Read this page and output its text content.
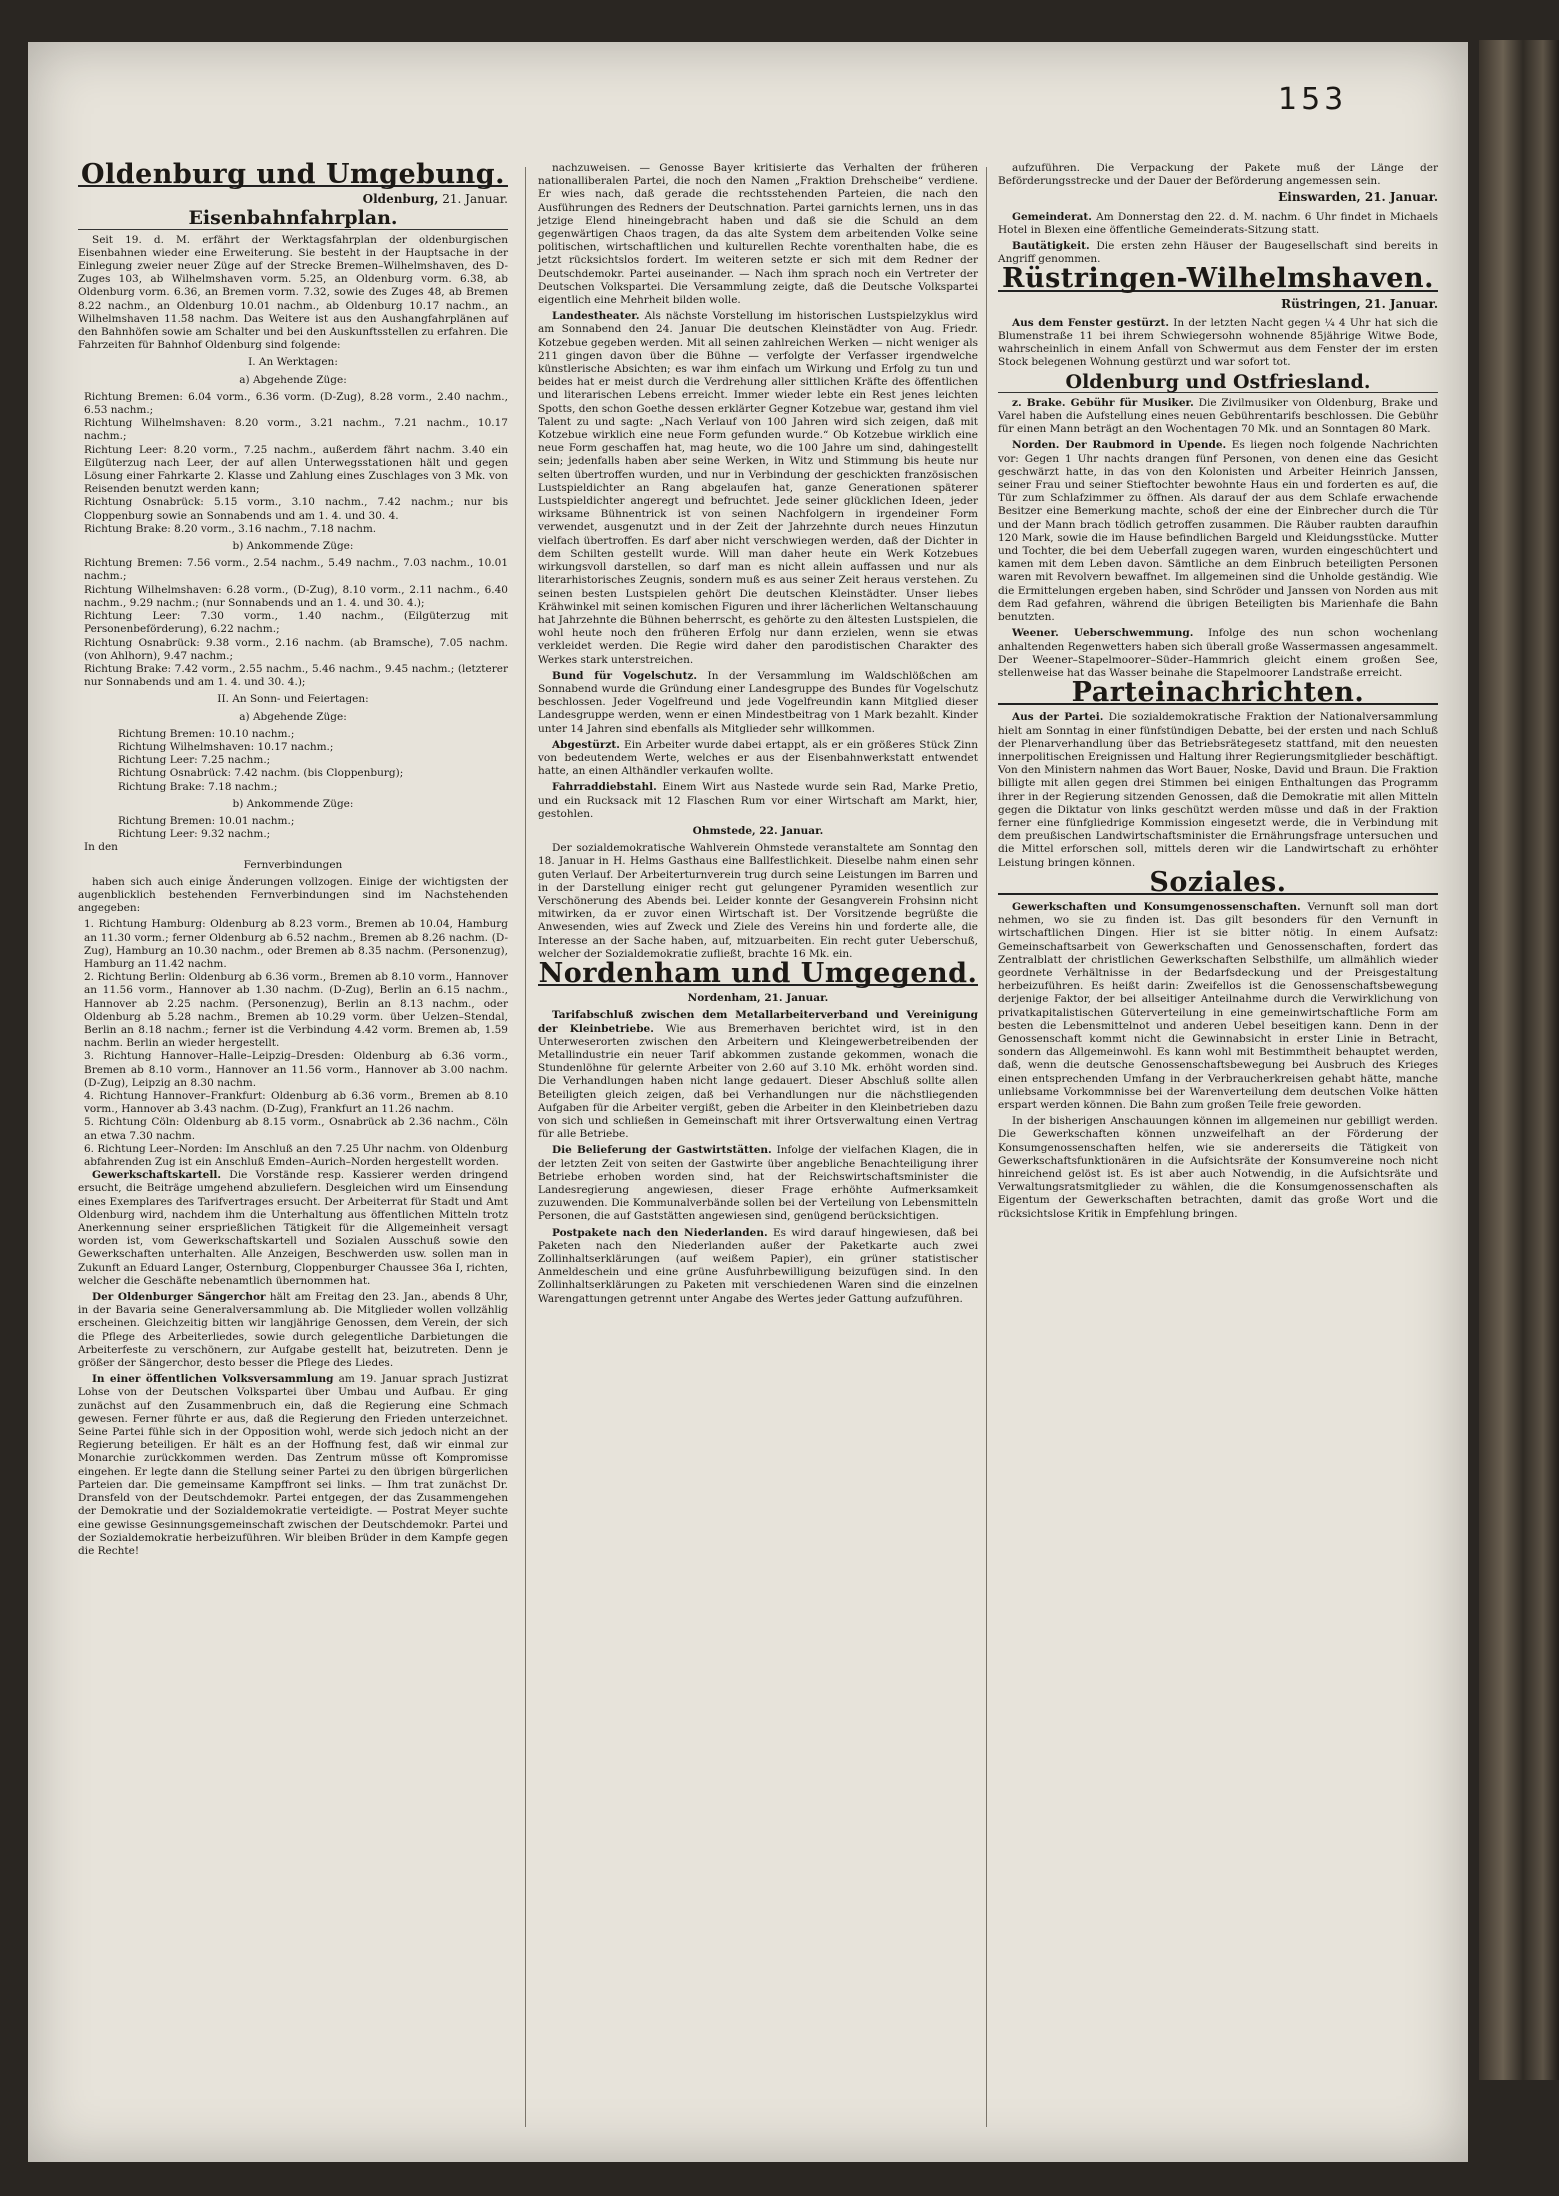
153
Oldenburg und Umgebung.
Oldenburg, 21. Januar.
Eisenbahnfahrplan.

Seit 19. d. M. erfährt der Werktagsfahrplan der oldenburgischen Eisenbahnen wieder eine Erweiterung. Sie besteht in der Hauptsache in der Einlegung zweier neuer Züge auf der Strecke Bremen–Wilhelmshaven, des D-Zuges 103, ab Wilhelmshaven vorm. 5.25, an Oldenburg vorm. 6.38, ab Oldenburg vorm. 6.36, an Bremen vorm. 7.32, sowie des Zuges 48, ab Bremen 8.22 nachm., an Oldenburg 10.01 nachm., ab Oldenburg 10.17 nachm., an Wilhelmshaven 11.58 nachm. Das Weitere ist aus den Aushangfahrplänen auf den Bahnhöfen sowie am Schalter und bei den Auskunftsstellen zu erfahren. Die Fahrzeiten für Bahnhof Oldenburg sind folgende:

I. An Werktagen:
a) Abgehende Züge:

Richtung Bremen: 6.04 vorm., 6.36 vorm. (D-Zug), 8.28 vorm., 2.40 nachm., 6.53 nachm.;

Richtung Wilhelmshaven: 8.20 vorm., 3.21 nachm., 7.21 nachm., 10.17 nachm.;

Richtung Leer: 8.20 vorm., 7.25 nachm., außerdem fährt nachm. 3.40 ein Eilgüterzug nach Leer, der auf allen Unterwegsstationen hält und gegen Lösung einer Fahrkarte 2. Klasse und Zahlung eines Zuschlages von 3 Mk. von Reisenden benutzt werden kann;

Richtung Osnabrück: 5.15 vorm., 3.10 nachm., 7.42 nachm.; nur bis Cloppenburg sowie an Sonnabends und am 1. 4. und 30. 4.

Richtung Brake: 8.20 vorm., 3.16 nachm., 7.18 nachm.

b) Ankommende Züge:

Richtung Bremen: 7.56 vorm., 2.54 nachm., 5.49 nachm., 7.03 nachm., 10.01 nachm.;

Richtung Wilhelmshaven: 6.28 vorm., (D-Zug), 8.10 vorm., 2.11 nachm., 6.40 nachm., 9.29 nachm.; (nur Sonnabends und an 1. 4. und 30. 4.);

Richtung Leer: 7.30 vorm., 1.40 nachm., (Eilgüterzug mit Personenbeförderung), 6.22 nachm.;

Richtung Osnabrück: 9.38 vorm., 2.16 nachm. (ab Bramsche), 7.05 nachm. (von Ahlhorn), 9.47 nachm.;

Richtung Brake: 7.42 vorm., 2.55 nachm., 5.46 nachm., 9.45 nachm.; (letzterer nur Sonnabends und am 1. 4. und 30. 4.);

II. An Sonn- und Feiertagen:
a) Abgehende Züge:

Richtung Bremen: 10.10 nachm.;

Richtung Wilhelmshaven: 10.17 nachm.;

Richtung Leer: 7.25 nachm.;

Richtung Osnabrück: 7.42 nachm. (bis Cloppenburg);

Richtung Brake: 7.18 nachm.;

b) Ankommende Züge:

Richtung Bremen: 10.01 nachm.;

Richtung Leer: 9.32 nachm.;

In den

Fernverbindungen

haben sich auch einige Änderungen vollzogen. Einige der wichtigsten der augenblicklich bestehenden Fernverbindungen sind im Nachstehenden angegeben:

1. Richtung Hamburg: Oldenburg ab 8.23 vorm., Bremen ab 10.04, Hamburg an 11.30 vorm.; ferner Oldenburg ab 6.52 nachm., Bremen ab 8.26 nachm. (D-Zug), Hamburg an 10.30 nachm., oder Bremen ab 8.35 nachm. (Personenzug), Hamburg an 11.42 nachm.

2. Richtung Berlin: Oldenburg ab 6.36 vorm., Bremen ab 8.10 vorm., Hannover an 11.56 vorm., Hannover ab 1.30 nachm. (D-Zug), Berlin an 6.15 nachm., Hannover ab 2.25 nachm. (Personenzug), Berlin an 8.13 nachm., oder Oldenburg ab 5.28 nachm., Bremen ab 10.29 vorm. über Uelzen–Stendal, Berlin an 8.18 nachm.; ferner ist die Verbindung 4.42 vorm. Bremen ab, 1.59 nachm. Berlin an wieder hergestellt.

3. Richtung Hannover–Halle–Leipzig–Dresden: Oldenburg ab 6.36 vorm., Bremen ab 8.10 vorm., Hannover an 11.56 vorm., Hannover ab 3.00 nachm. (D-Zug), Leipzig an 8.30 nachm.

4. Richtung Hannover–Frankfurt: Oldenburg ab 6.36 vorm., Bremen ab 8.10 vorm., Hannover ab 3.43 nachm. (D-Zug), Frankfurt an 11.26 nachm.

5. Richtung Cöln: Oldenburg ab 8.15 vorm., Osnabrück ab 2.36 nachm., Cöln an etwa 7.30 nachm.

6. Richtung Leer–Norden: Im Anschluß an den 7.25 Uhr nachm. von Oldenburg abfahrenden Zug ist ein Anschluß Emden–Aurich–Norden hergestellt worden.

Gewerkschaftskartell. Die Vorstände resp. Kassierer werden dringend ersucht, die Beiträge umgehend abzuliefern. Desgleichen wird um Einsendung eines Exemplares des Tarifvertrages ersucht. Der Arbeiterrat für Stadt und Amt Oldenburg wird, nachdem ihm die Unterhaltung aus öffentlichen Mitteln trotz Anerkennung seiner ersprießlichen Tätigkeit für die Allgemeinheit versagt worden ist, vom Gewerkschaftskartell und Sozialen Ausschuß sowie den Gewerkschaften unterhalten. Alle Anzeigen, Beschwerden usw. sollen man in Zukunft an Eduard Langer, Osternburg, Cloppenburger Chaussee 36a I, richten, welcher die Geschäfte nebenamtlich übernommen hat.

Der Oldenburger Sängerchor hält am Freitag den 23. Jan., abends 8 Uhr, in der Bavaria seine Generalversammlung ab. Die Mitglieder wollen vollzählig erscheinen. Gleichzeitig bitten wir langjährige Genossen, dem Verein, der sich die Pflege des Arbeiterliedes, sowie durch gelegentliche Darbietungen die Arbeiterfeste zu verschönern, zur Aufgabe gestellt hat, beizutreten. Denn je größer der Sängerchor, desto besser die Pflege des Liedes.

In einer öffentlichen Volksversammlung am 19. Januar sprach Justizrat Lohse von der Deutschen Volkspartei über Umbau und Aufbau. Er ging zunächst auf den Zusammenbruch ein, daß die Regierung eine Schmach gewesen. Ferner führte er aus, daß die Regierung den Frieden unterzeichnet. Seine Partei fühle sich in der Opposition wohl, werde sich jedoch nicht an der Regierung beteiligen. Er hält es an der Hoffnung fest, daß wir einmal zur Monarchie zurückkommen werden. Das Zentrum müsse oft Kompromisse eingehen. Er legte dann die Stellung seiner Partei zu den übrigen bürgerlichen Parteien dar. Die gemeinsame Kampffront sei links. — Ihm trat zunächst Dr. Dransfeld von der Deutschdemokr. Partei entgegen, der das Zusammengehen der Demokratie und der Sozialdemokratie verteidigte. — Postrat Meyer suchte eine gewisse Gesinnungsgemeinschaft zwischen der Deutschdemokr. Partei und der Sozialdemokratie herbeizuführen. Wir bleiben Brüder in dem Kampfe gegen die Rechte!

nachzuweisen. — Genosse Bayer kritisierte das Verhalten der früheren nationalliberalen Partei, die noch den Namen „Fraktion Drehscheibe“ verdiene. Er wies nach, daß gerade die rechtsstehenden Parteien, die nach den Ausführungen des Redners der Deutschnation. Partei garnichts lernen, uns in das jetzige Elend hineingebracht haben und daß sie die Schuld an dem gegenwärtigen Chaos tragen, da das alte System dem arbeitenden Volke seine politischen, wirtschaftlichen und kulturellen Rechte vorenthalten habe, die es jetzt rücksichtslos fordert. Im weiteren setzte er sich mit dem Redner der Deutschdemokr. Partei auseinander. — Nach ihm sprach noch ein Vertreter der Deutschen Volkspartei. Die Versammlung zeigte, daß die Deutsche Volkspartei eigentlich eine Mehrheit bilden wolle.

Landestheater. Als nächste Vorstellung im historischen Lustspielzyklus wird am Sonnabend den 24. Januar Die deutschen Kleinstädter von Aug. Friedr. Kotzebue gegeben werden. Mit all seinen zahlreichen Werken — nicht weniger als 211 gingen davon über die Bühne — verfolgte der Verfasser irgendwelche künstlerische Absichten; es war ihm einfach um Wirkung und Erfolg zu tun und beides hat er meist durch die Verdrehung aller sittlichen Kräfte des öffentlichen und literarischen Lebens erreicht. Immer wieder lebte ein Rest jenes leichten Spotts, den schon Goethe dessen erklärter Gegner Kotzebue war, gestand ihm viel Talent zu und sagte: „Nach Verlauf von 100 Jahren wird sich zeigen, daß mit Kotzebue wirklich eine neue Form gefunden wurde.“ Ob Kotzebue wirklich eine neue Form geschaffen hat, mag heute, wo die 100 Jahre um sind, dahingestellt sein; jedenfalls haben aber seine Werken, in Witz und Stimmung bis heute nur selten übertroffen wurden, und nur in Verbindung der geschickten französischen Lustspieldichter an Rang abgelaufen hat, ganze Generationen späterer Lustspieldichter angeregt und befruchtet. Jede seiner glücklichen Ideen, jeder wirksame Bühnentrick ist von seinen Nachfolgern in irgendeiner Form verwendet, ausgenutzt und in der Zeit der Jahrzehnte durch neues Hinzutun vielfach übertroffen. Es darf aber nicht verschwiegen werden, daß der Dichter in dem Schilten gestellt wurde. Will man daher heute ein Werk Kotzebues wirkungsvoll darstellen, so darf man es nicht allein auffassen und nur als literarhistorisches Zeugnis, sondern muß es aus seiner Zeit heraus verstehen. Zu seinen besten Lustspielen gehört Die deutschen Kleinstädter. Unser liebes Krähwinkel mit seinen komischen Figuren und ihrer lächerlichen Weltanschauung hat Jahrzehnte die Bühnen beherrscht, es gehörte zu den ältesten Lustspielen, die wohl heute noch den früheren Erfolg nur dann erzielen, wenn sie etwas verkleidet werden. Die Regie wird daher den parodistischen Charakter des Werkes stark unterstreichen.

Bund für Vogelschutz. In der Versammlung im Waldschlößchen am Sonnabend wurde die Gründung einer Landesgruppe des Bundes für Vogelschutz beschlossen. Jeder Vogelfreund und jede Vogelfreundin kann Mitglied dieser Landesgruppe werden, wenn er einen Mindestbeitrag von 1 Mark bezahlt. Kinder unter 14 Jahren sind ebenfalls als Mitglieder sehr willkommen.

Abgestürzt. Ein Arbeiter wurde dabei ertappt, als er ein größeres Stück Zinn von bedeutendem Werte, welches er aus der Eisenbahnwerkstatt entwendet hatte, an einen Althändler verkaufen wollte.

Fahrraddiebstahl. Einem Wirt aus Nastede wurde sein Rad, Marke Pretio, und ein Rucksack mit 12 Flaschen Rum vor einer Wirtschaft am Markt, hier, gestohlen.

Ohmstede, 22. Januar.

Der sozialdemokratische Wahlverein Ohmstede veranstaltete am Sonntag den 18. Januar in H. Helms Gasthaus eine Ballfestlichkeit. Dieselbe nahm einen sehr guten Verlauf. Der Arbeiterturnverein trug durch seine Leistungen im Barren und in der Darstellung einiger recht gut gelungener Pyramiden wesentlich zur Verschönerung des Abends bei. Leider konnte der Gesangverein Frohsinn nicht mitwirken, da er zuvor einen Wirtschaft ist. Der Vorsitzende begrüßte die Anwesenden, wies auf Zweck und Ziele des Vereins hin und forderte alle, die Interesse an der Sache haben, auf, mitzuarbeiten. Ein recht guter Ueberschuß, welcher der Sozialdemokratie zufließt, brachte 16 Mk. ein.

Nordenham und Umgegend.
Nordenham, 21. Januar.

Tarifabschluß zwischen dem Metallarbeiterverband und Vereinigung der Kleinbetriebe. Wie aus Bremerhaven berichtet wird, ist in den Unterweserorten zwischen den Arbeitern und Kleingewerbetreibenden der Metallindustrie ein neuer Tarif abkommen zustande gekommen, wonach die Stundenlöhne für gelernte Arbeiter von 2.60 auf 3.10 Mk. erhöht worden sind. Die Verhandlungen haben nicht lange gedauert. Dieser Abschluß sollte allen Beteiligten gleich zeigen, daß bei Verhandlungen nur die nächstliegenden Aufgaben für die Arbeiter vergißt, geben die Arbeiter in den Kleinbetrieben dazu von sich und schließen in Gemeinschaft mit ihrer Ortsverwaltung einen Vertrag für alle Betriebe.

Die Belieferung der Gastwirtstätten. Infolge der vielfachen Klagen, die in der letzten Zeit von seiten der Gastwirte über angebliche Benachteiligung ihrer Betriebe erhoben worden sind, hat der Reichswirtschaftsminister die Landesregierung angewiesen, dieser Frage erhöhte Aufmerksamkeit zuzuwenden. Die Kommunalverbände sollen bei der Verteilung von Lebensmitteln Personen, die auf Gaststätten angewiesen sind, genügend berücksichtigen.

Postpakete nach den Niederlanden. Es wird darauf hingewiesen, daß bei Paketen nach den Niederlanden außer der Paketkarte auch zwei Zollinhaltserklärungen (auf weißem Papier), ein grüner statistischer Anmeldeschein und eine grüne Ausfuhrbewilligung beizufügen sind. In den Zollinhaltserklärungen zu Paketen mit verschiedenen Waren sind die einzelnen Warengattungen getrennt unter Angabe des Wertes jeder Gattung aufzuführen.

aufzuführen. Die Verpackung der Pakete muß der Länge der Beförderungsstrecke und der Dauer der Beförderung angemessen sein.

Einswarden, 21. Januar.

Gemeinderat. Am Donnerstag den 22. d. M. nachm. 6 Uhr findet in Michaels Hotel in Blexen eine öffentliche Gemeinderats-Sitzung statt.

Bautätigkeit. Die ersten zehn Häuser der Baugesellschaft sind bereits in Angriff genommen.

Rüstringen-Wilhelmshaven.
Rüstringen, 21. Januar.

Aus dem Fenster gestürzt. In der letzten Nacht gegen ¼ 4 Uhr hat sich die Blumenstraße 11 bei ihrem Schwiegersohn wohnende 85jährige Witwe Bode, wahrscheinlich in einem Anfall von Schwermut aus dem Fenster der im ersten Stock belegenen Wohnung gestürzt und war sofort tot.

Oldenburg und Ostfriesland.

z. Brake. Gebühr für Musiker. Die Zivilmusiker von Oldenburg, Brake und Varel haben die Aufstellung eines neuen Gebührentarifs beschlossen. Die Gebühr für einen Mann beträgt an den Wochentagen 70 Mk. und an Sonntagen 80 Mark.

Norden. Der Raubmord in Upende. Es liegen noch folgende Nachrichten vor: Gegen 1 Uhr nachts drangen fünf Personen, von denen eine das Gesicht geschwärzt hatte, in das von den Kolonisten und Arbeiter Heinrich Janssen, seiner Frau und seiner Stieftochter bewohnte Haus ein und forderten es auf, die Tür zum Schlafzimmer zu öffnen. Als darauf der aus dem Schlafe erwachende Besitzer eine Bemerkung machte, schoß der eine der Einbrecher durch die Tür und der Mann brach tödlich getroffen zusammen. Die Räuber raubten daraufhin 120 Mark, sowie die im Hause befindlichen Bargeld und Kleidungsstücke. Mutter und Tochter, die bei dem Ueberfall zugegen waren, wurden eingeschüchtert und kamen mit dem Leben davon. Sämtliche an dem Einbruch beteiligten Personen waren mit Revolvern bewaffnet. Im allgemeinen sind die Unholde geständig. Wie die Ermittelungen ergeben haben, sind Schröder und Janssen von Norden aus mit dem Rad gefahren, während die übrigen Beteiligten bis Marienhafe die Bahn benutzten.

Weener. Ueberschwemmung. Infolge des nun schon wochenlang anhaltenden Regenwetters haben sich überall große Wassermassen angesammelt. Der Weener–Stapelmoorer–Süder–Hammrich gleicht einem großen See, stellenweise hat das Wasser beinahe die Stapelmoorer Landstraße erreicht.

Parteinachrichten.

Aus der Partei. Die sozialdemokratische Fraktion der Nationalversammlung hielt am Sonntag in einer fünfstündigen Debatte, bei der ersten und nach Schluß der Plenarverhandlung über das Betriebsrätegesetz stattfand, mit den neuesten innerpolitischen Ereignissen und Haltung ihrer Regierungsmitglieder beschäftigt. Von den Ministern nahmen das Wort Bauer, Noske, David und Braun. Die Fraktion billigte mit allen gegen drei Stimmen bei einigen Enthaltungen das Programm ihrer in der Regierung sitzenden Genossen, daß die Demokratie mit allen Mitteln gegen die Diktatur von links geschützt werden müsse und daß in der Fraktion ferner eine fünfgliedrige Kommission eingesetzt werde, die in Verbindung mit dem preußischen Landwirtschaftsminister die Ernährungsfrage untersuchen und die Mittel erforschen soll, mittels deren wir die Landwirtschaft zu erhöhter Leistung bringen können.

Soziales.

Gewerkschaften und Konsumgenossenschaften. Vernunft soll man dort nehmen, wo sie zu finden ist. Das gilt besonders für den Vernunft in wirtschaftlichen Dingen. Hier ist sie bitter nötig. In einem Aufsatz: Gemeinschaftsarbeit von Gewerkschaften und Genossenschaften, fordert das Zentralblatt der christlichen Gewerkschaften Selbsthilfe, um allmählich wieder geordnete Verhältnisse in der Bedarfsdeckung und der Preisgestaltung herbeizuführen. Es heißt darin: Zweifellos ist die Genossenschaftsbewegung derjenige Faktor, der bei allseitiger Anteilnahme durch die Verwirklichung von privatkapitalistischen Güterverteilung in eine gemeinwirtschaftliche Form am besten die Lebensmittelnot und anderen Uebel beseitigen kann. Denn in der Genossenschaft kommt nicht die Gewinnabsicht in erster Linie in Betracht, sondern das Allgemeinwohl. Es kann wohl mit Bestimmtheit behauptet werden, daß, wenn die deutsche Genossenschaftsbewegung bei Ausbruch des Krieges einen entsprechenden Umfang in der Verbraucherkreisen gehabt hätte, manche unliebsame Vorkommnisse bei der Warenverteilung dem deutschen Volke hätten erspart werden können. Die Bahn zum großen Teile freie geworden.

In der bisherigen Anschauungen können im allgemeinen nur gebilligt werden. Die Gewerkschaften können unzweifelhaft an der Förderung der Konsumgenossenschaften helfen, wie sie andererseits die Tätigkeit von Gewerkschaftsfunktionären in die Aufsichtsräte der Konsumvereine noch nicht hinreichend gelöst ist. Es ist aber auch Notwendig, in die Aufsichtsräte und Verwaltungsratsmitglieder zu wählen, die die Konsumgenossenschaften als Eigentum der Gewerkschaften betrachten, damit das große Wort und die rücksichtslose Kritik in Empfehlung bringen.
